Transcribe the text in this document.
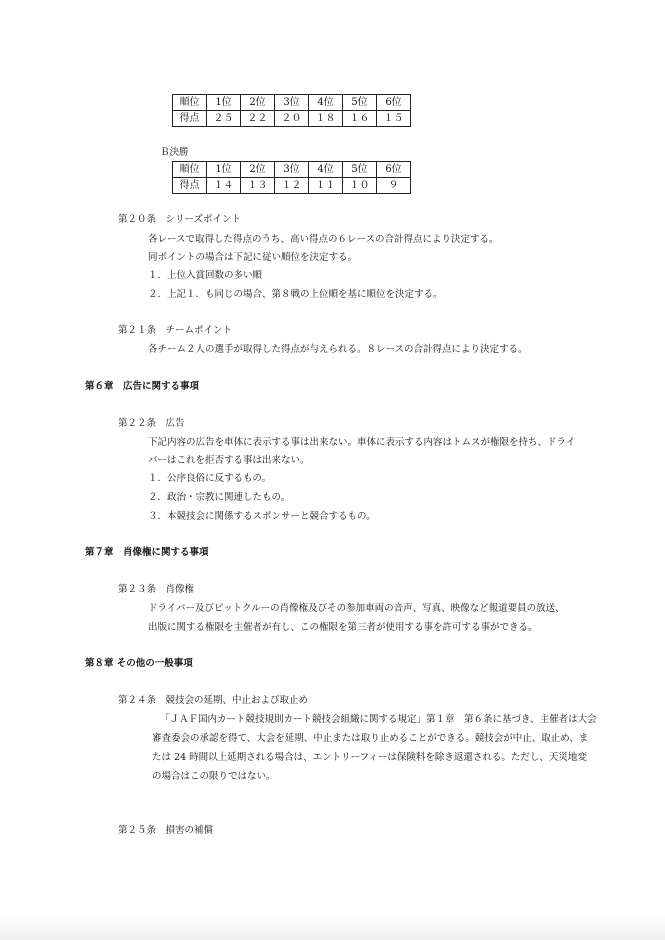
順位	1位	2位	3位	4位	5位	6位
得点	２５	２２	２０	１８	１６	１５
Ｂ決勝
順位	1位	2位	3位	4位	5位	6位
得点	１４	１３	１２	１１	１０	９
第２０条　シリーズポイント
各レースで取得した得点のうち、高い得点の６レースの合計得点により決定する。
同ポイントの場合は下記に従い順位を決定する。
１．上位入賞回数の多い順
２．上記１．も同じの場合、第８戦の上位順を基に順位を決定する。
第２１条　チームポイント
各チーム２人の選手が取得した得点が与えられる。８レースの合計得点により決定する。
第６章　広告に関する事項
第２２条　広告
下記内容の広告を車体に表示する事は出来ない。車体に表示する内容はトムスが権限を持ち、ドライ
バーはこれを拒否する事は出来ない。
１．公序良俗に反するもの。
２．政治・宗教に関連したもの。
３．本競技会に関係するスポンサーと競合するもの。
第７章　肖像権に関する事項
第２３条　肖像権
ドライバー及びピットクルーの肖像権及びその参加車両の音声、写真、映像など報道要員の放送、
出版に関する権限を主催者が有し、この権限を第三者が使用する事を許可する事ができる。
第８章 その他の一般事項
第２４条　競技会の延期、中止および取止め
「ＪＡＦ国内カート競技規則カート競技会組織に関する規定」第１章　第６条に基づき、主催者は大会
審査委会の承認を得て、大会を延期、中止または取り止めることができる。競技会が中止、取止め、ま
たは 24 時間以上延期される場合は、エントリーフィーは保険料を除き返還される。ただし、天災地変
の場合はこの限りではない。
第２５条　損害の補償
